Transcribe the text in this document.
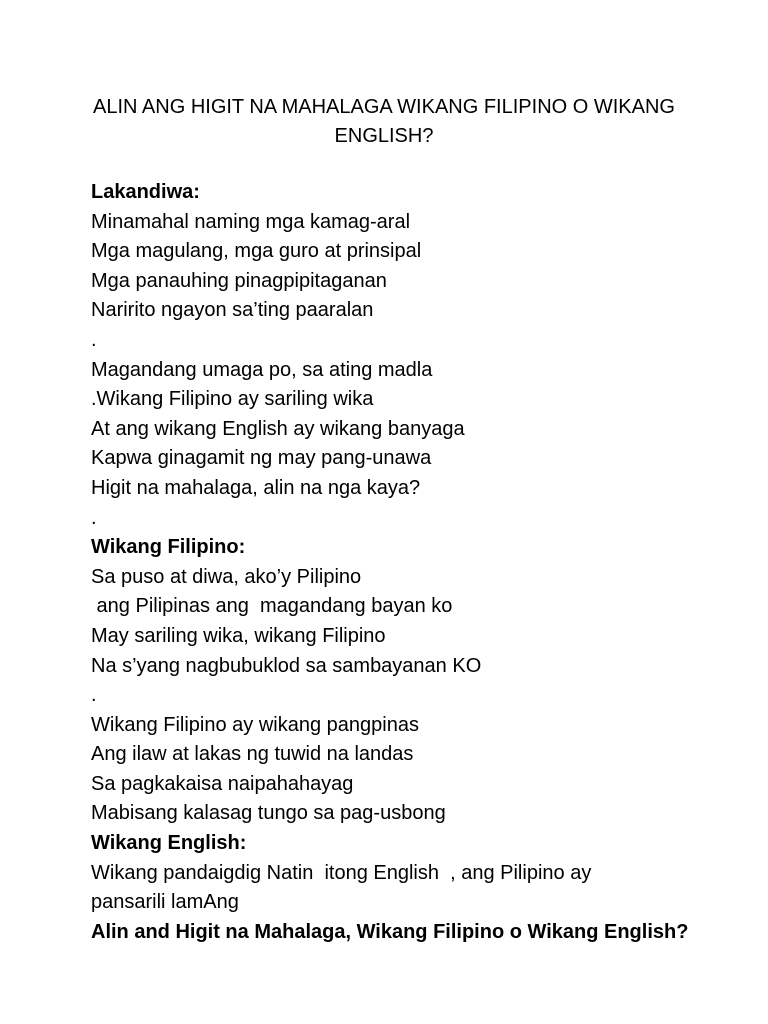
ALIN ANG HIGIT NA MAHALAGA WIKANG FILIPINO O WIKANG ENGLISH?
Lakandiwa:
Minamahal naming mga kamag-aral
Mga magulang, mga guro at prinsipal
Mga panauhing pinagpipitaganan
Naririto ngayon sa’ting paaralan
.
Magandang umaga po, sa ating madla
.Wikang Filipino ay sariling wika
At ang wikang English ay wikang banyaga
Kapwa ginagamit ng may pang-unawa
Higit na mahalaga, alin na nga kaya?
.
Wikang Filipino:
Sa puso at diwa, ako’y Pilipino
ang Pilipinas ang  magandang bayan ko
May sariling wika, wikang Filipino
Na s’yang nagbubuklod sa sambayanan KO
.
Wikang Filipino ay wikang pangpinas
Ang ilaw at lakas ng tuwid na landas
Sa pagkakaisa naipahahayag
Mabisang kalasag tungo sa pag-usbong
Wikang English:
Wikang pandaigdig Natin  itong English  , ang Pilipino ay
pansarili lamAng
Alin and Higit na Mahalaga, Wikang Filipino o Wikang English?
